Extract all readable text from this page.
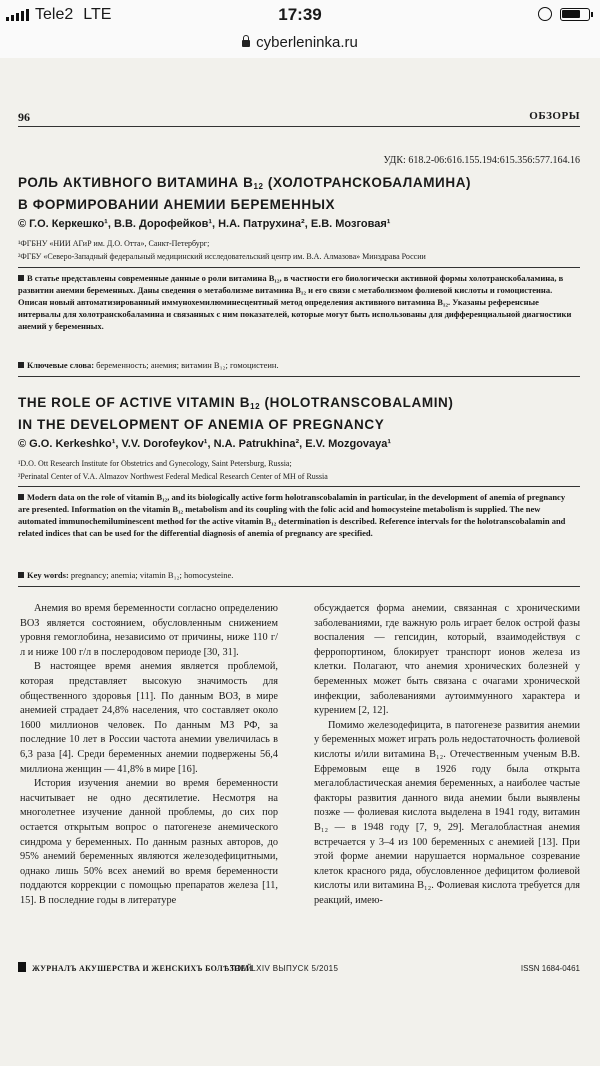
Tele2 LTE	17:39
cyberleninka.ru
96	ОБЗОРЫ
УДК: 618.2-06:616.155.194:615.356:577.164.16
РОЛЬ АКТИВНОГО ВИТАМИНА $B_{12}$ (ХОЛОТРАНСКОБАЛАМИНА)
В ФОРМИРОВАНИИ АНЕМИИ БЕРЕМЕННЫХ
© Г.О. Керкешко¹, В.В. Дорофейков¹, Н.А. Патрухина², Е.В. Мозговая¹
¹ФГБНУ «НИИ АГиР им. Д.О. Отта», Санкт-Петербург;
²ФГБУ «Северо-Западный федеральный медицинский исследовательский центр им. В.А. Алмазова» Минздрава России
В статье представлены современные данные о роли витамина B₁₂, в частности его биологически активной формы холотранскобаламина, в развитии анемии беременных. Даны сведения о метаболизме витамина B₁₂ и его связи с метаболизмом фолиевой кислоты и гомоцистеина. Описан новый автоматизированный иммунохемилюминесцентный метод определения активного витамина B₁₂. Указаны референсные интервалы для холотранскобаламина и связанных с ним показателей, которые могут быть использованы для дифференциальной диагностики анемий у беременных.
Ключевые слова: беременность; анемия; витамин B₁₂; гомоцистеин.
THE ROLE OF ACTIVE VITAMIN $B_{12}$ (HOLOTRANSCOBALAMIN)
IN THE DEVELOPMENT OF ANEMIA OF PREGNANCY
© G.O. Kerkeshko¹, V.V. Dorofeykov¹, N.A. Patrukhina², E.V. Mozgovaya¹
¹D.O. Ott Research Institute for Obstetrics and Gynecology, Saint Petersburg, Russia;
²Perinatal Center of V.A. Almazov Northwest Federal Medical Research Center of MH of Russia
Modern data on the role of vitamin B₁₂, and its biologically active form holotranscobalamin in particular, in the development of anemia of pregnancy are presented. Information on the vitamin B₁₂ metabolism and its coupling with the folic acid and homocysteine metabolism is supplied. The new automated immunochemiluminescent method for the active vitamin B₁₂ determination is described. Reference intervals for the holotranscobalamin and related indices that can be used for the differential diagnosis of anemia of pregnancy are specified.
Key words: pregnancy; anemia; vitamin B₁₂; homocysteine.

Анемия во время беременности согласно определению ВОЗ является состоянием, обусловленным снижением уровня гемоглобина, независимо от причины, ниже 110 г/л и ниже 100 г/л в послеродовом периоде [30, 31].

В настоящее время анемия является проблемой, которая представляет высокую значимость для общественного здоровья [11]. По данным ВОЗ, в мире анемией страдает 24,8% населения, что составляет около 1600 миллионов человек. По данным МЗ РФ, за последние 10 лет в России частота анемии увеличилась в 6,3 раза [4]. Среди беременных анемии подвержены 56,4 миллиона женщин — 41,8% в мире [16].

История изучения анемии во время беременности насчитывает не одно десятилетие. Несмотря на многолетнее изучение данной проблемы, до сих пор остается открытым вопрос о патогенезе анемического синдрома у беременных. По данным разных авторов, до 95% анемий беременных являются железодефицитными, однако лишь 50% всех анемий во время беременности поддаются коррекции с помощью препаратов железа [11, 15]. В последние годы в литературе

обсуждается форма анемии, связанная с хроническими заболеваниями, где важную роль играет белок острой фазы воспаления — гепсидин, который, взаимодействуя с ферропортином, блокирует транспорт ионов железа из клетки. Полагают, что анемия хронических болезней у беременных может быть связана с очагами хронической инфекции, заболеваниями аутоиммунного характера и курением [2, 12].

Помимо железодефицита, в патогенезе развития анемии у беременных может играть роль недостаточность фолиевой кислоты и/или витамина B₁₂. Отечественным ученым В.В. Ефремовым еще в 1926 году была открыта мегалобластическая анемия беременных, а наиболее частые факторы развития данного вида анемии были выявлены позже — фолиевая кислота выделена в 1941 году, витамин B₁₂ — в 1948 году [7, 9, 29]. Мегалобластная анемия встречается у 3–4 из 100 беременных с анемией [13]. При этой форме анемии нарушается нормальное созревание клеток красного ряда, обусловленное дефицитом фолиевой кислоты или витамина B₁₂. Фолиевая кислота требуется для реакций, имею-

ЖУРНАЛЪ АКУШЕРСТВА И ЖЕНСКИХЪ БОЛѢЗНЕЙ
ТОМ LXIV ВЫПУСК 5/2015	ISSN 1684-0461
